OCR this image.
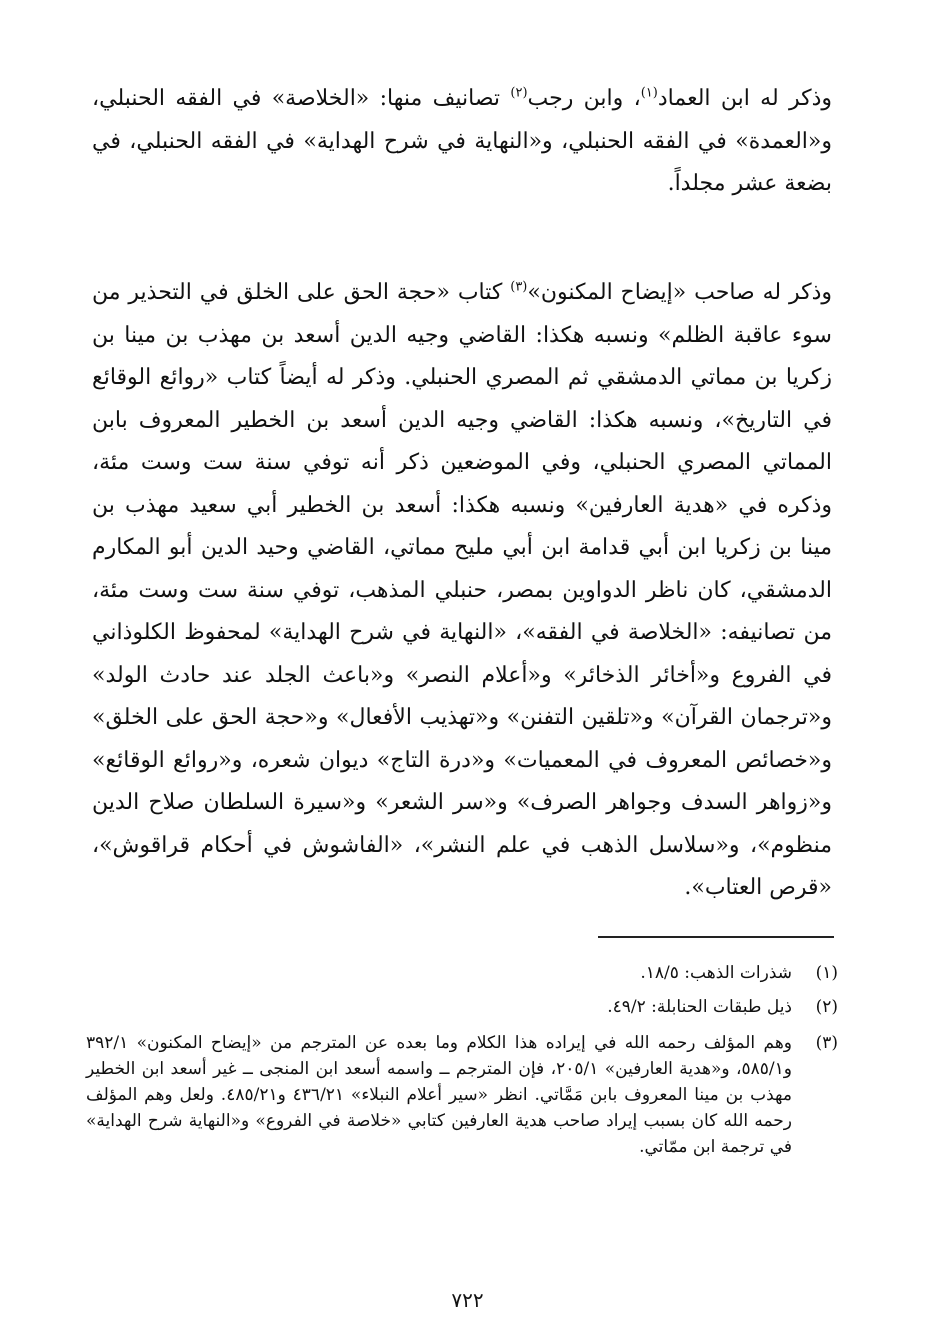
وذكر له ابن العماد$^{(١)}$، وابن رجب$^{(٢)}$ تصانيف منها: «الخلاصة» في الفقه الحنبلي، و«العمدة» في الفقه الحنبلي، و«النهاية في شرح الهداية» في الفقه الحنبلي، في بضعة عشر مجلداً.

وذكر له صاحب «إيضاح المكنون»$^{(٣)}$ كتاب «حجة الحق على الخلق في التحذير من سوء عاقبة الظلم» ونسبه هكذا: القاضي وجيه الدين أسعد بن مهذب بن مينا بن زكريا بن مماتي الدمشقي ثم المصري الحنبلي. وذكر له أيضاً كتاب «روائع الوقائع في التاريخ»، ونسبه هكذا: القاضي وجيه الدين أسعد بن الخطير المعروف بابن المماتي المصري الحنبلي، وفي الموضعين ذكر أنه توفي سنة ست وست مئة، وذكره في «هدية العارفين» ونسبه هكذا: أسعد بن الخطير أبي سعيد مهذب بن مينا بن زكريا ابن أبي قدامة ابن أبي مليح مماتي، القاضي وحيد الدين أبو المكارم الدمشقي، كان ناظر الدواوين بمصر، حنبلي المذهب، توفي سنة ست وست مئة، من تصانيفه: «الخلاصة في الفقه»، «النهاية في شرح الهداية» لمحفوظ الكلوذاني في الفروع و«أخائر الذخائر» و«أعلام النصر» و«باعث الجلد عند حادث الولد» و«ترجمان القرآن» و«تلقين التفنن» و«تهذيب الأفعال» و«حجة الحق على الخلق» و«خصائص المعروف في المعميات» و«درة التاج» ديوان شعره، و«روائع الوقائع» و«زواهر السدف وجواهر الصرف» و«سر الشعر» و«سيرة السلطان صلاح الدين منظوم»، و«سلاسل الذهب في علم النشر»، «الفاشوش في أحكام قراقوش»، «قرص العتاب».

(١)
شذرات الذهب: ١٨/٥.
(٢)
ذيل طبقات الحنابلة: ٤٩/٢.
(٣)
وهم المؤلف رحمه الله في إيراده هذا الكلام وما بعده عن المترجم من «إيضاح المكنون» ٣٩٢/١ و٥٨٥/١، و«هدية العارفين» ٢٠٥/١، فإن المترجم ــ واسمه أسعد ابن المنجى ــ غير أسعد ابن الخطير مهذب بن مينا المعروف بابن مَمَّاتي. انظر «سير أعلام النبلاء» ٤٣٦/٢١ و٤٨٥/٢١. ولعل وهم المؤلف رحمه الله كان بسبب إيراد صاحب هدية العارفين كتابي «خلاصة في الفروع» و«النهاية شرح الهداية» في ترجمة ابن ممّاتي.
٧٢٢
